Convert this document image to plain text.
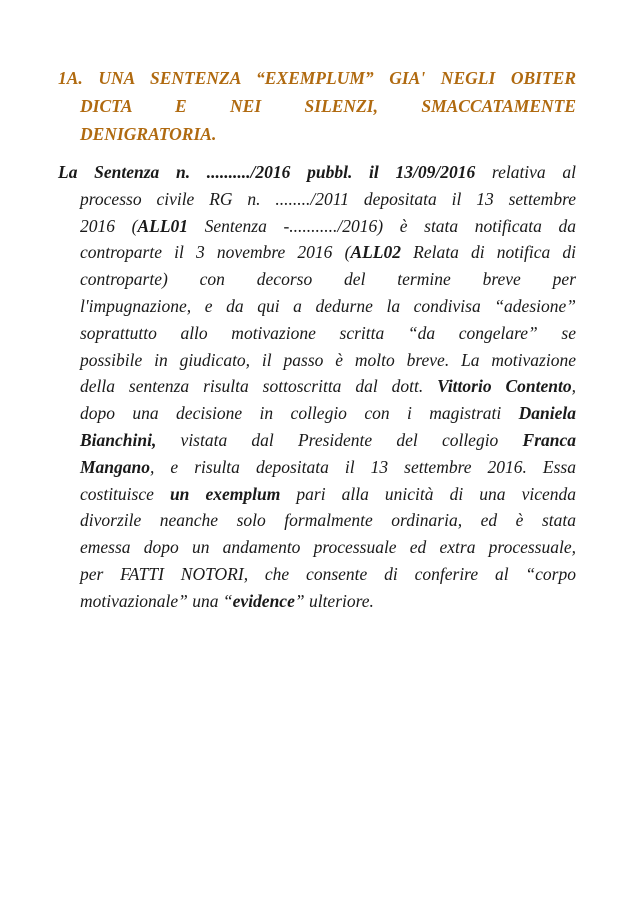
1A. UNA SENTENZA “EXEMPLUM” GIA' NEGLI OBITER
DICTA E NEI SILENZI, SMACCATAMENTE
DENIGRATORIA.
La Sentenza n. ........../2016 pubbl. il 13/09/2016 relativa al
processo civile RG n. ......../2011 depositata il 13 settembre
2016 (ALL01 Sentenza -.........../2016) è stata notificata da
controparte il 3 novembre 2016 (ALL02 Relata di notifica di
controparte) con decorso del termine breve per
l'impugnazione, e da qui a dedurne la condivisa “adesione”
soprattutto allo motivazione scritta “da congelare” se
possibile in giudicato, il passo è molto breve. La motivazione
della sentenza risulta sottoscritta dal dott. Vittorio Contento,
dopo una decisione in collegio con i magistrati Daniela
Bianchini, vistata dal Presidente del collegio Franca
Mangano, e risulta depositata il 13 settembre 2016. Essa
costituisce un exemplum pari alla unicità di una vicenda
divorzile neanche solo formalmente ordinaria, ed è stata
emessa dopo un andamento processuale ed extra processuale,
per FATTI NOTORI, che consente di conferire al “corpo
motivazionale” una “evidence” ulteriore.
